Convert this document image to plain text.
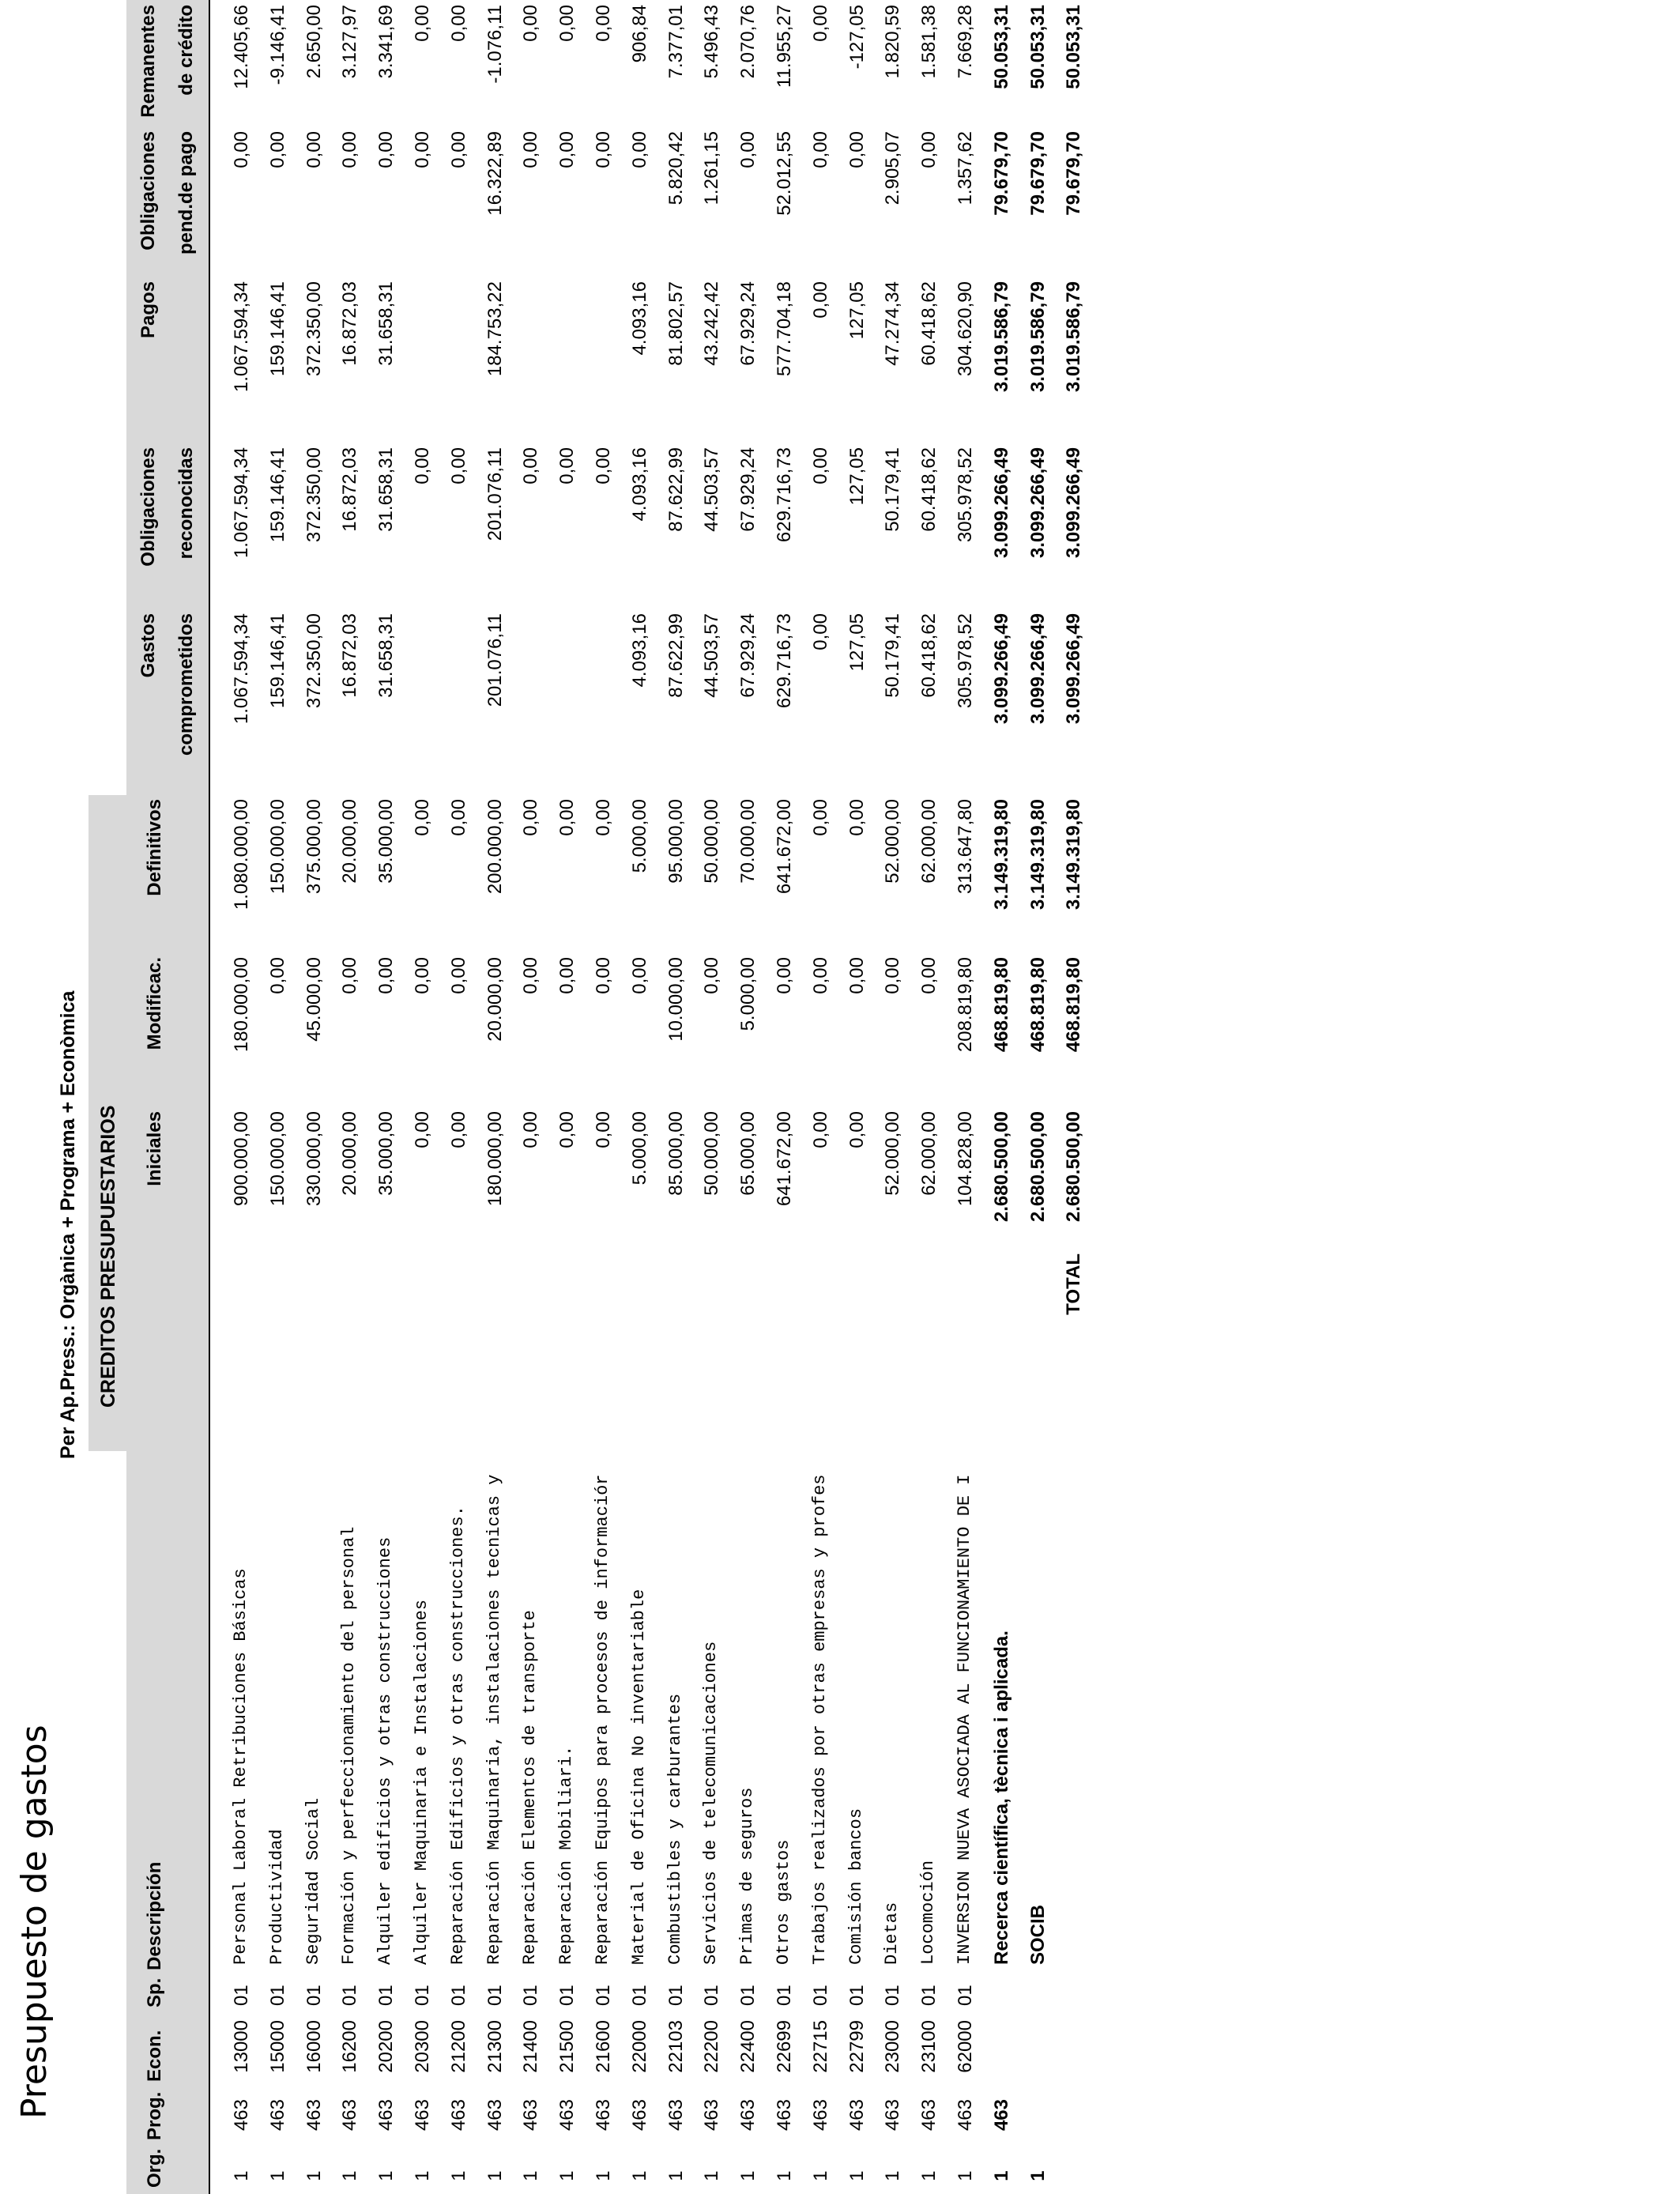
Presupuesto de gastos
Per Ap.Press.: Orgànica + Programa + Econòmica CREDITOS PRESUPUESTARIOS
Org.
Prog.
Econ.
Sp.
Descripción
Iniciales
Modificac.
Definitivos
Gastos comprometidos
Obligaciones reconocidas
Pagos
Obligaciones pend.de pago
Remanentes de crédito
1
463
13000
01
Personal Laboral Retribuciones Básicas
900.000,00
180.000,00
1.080.000,00
1.067.594,34
1.067.594,34
1.067.594,34
0,00
12.405,66
1
463
15000
01
Productividad
150.000,00
0,00
150.000,00
159.146,41
159.146,41
159.146,41
0,00
-9.146,41
1
463
16000
01
Seguridad Social
330.000,00
45.000,00
375.000,00
372.350,00
372.350,00
372.350,00
0,00
2.650,00
1
463
16200
01
Formación y perfeccionamiento del personal
20.000,00
0,00
20.000,00
16.872,03
16.872,03
16.872,03
0,00
3.127,97
1
463
20200
01
Alquiler edificios y otras construcciones
35.000,00
0,00
35.000,00
31.658,31
31.658,31
31.658,31
0,00
3.341,69
1
463
20300
01
Alquiler Maquinaria e Instalaciones
0,00
0,00
0,00
0,00
0,00
0,00
1
463
21200
01
Reparación Edificios y otras construcciones.
0,00
0,00
0,00
0,00
0,00
0,00
1
463
21300
01
Reparación Maquinaria, instalaciones tecnicas y
180.000,00
20.000,00
200.000,00
201.076,11
201.076,11
184.753,22
16.322,89
-1.076,11
1
463
21400
01
Reparación Elementos de transporte
0,00
0,00
0,00
0,00
0,00
0,00
1
463
21500
01
Reparación Mobiliari.
0,00
0,00
0,00
0,00
0,00
0,00
1
463
21600
01
Reparación Equipos para procesos de informaciór
0,00
0,00
0,00
0,00
0,00
0,00
1
463
22000
01
Material de Oficina No inventariable
5.000,00
0,00
5.000,00
4.093,16
4.093,16
4.093,16
0,00
906,84
1
463
22103
01
Combustibles y carburantes
85.000,00
10.000,00
95.000,00
87.622,99
87.622,99
81.802,57
5.820,42
7.377,01
1
463
22200
01
Servicios de telecomunicaciones
50.000,00
0,00
50.000,00
44.503,57
44.503,57
43.242,42
1.261,15
5.496,43
1
463
22400
01
Primas de seguros
65.000,00
5.000,00
70.000,00
67.929,24
67.929,24
67.929,24
0,00
2.070,76
1
463
22699
01
Otros gastos
641.672,00
0,00
641.672,00
629.716,73
629.716,73
577.704,18
52.012,55
11.955,27
1
463
22715
01
Trabajos realizados por otras empresas y profes
0,00
0,00
0,00
0,00
0,00
0,00
0,00
0,00
1
463
22799
01
Comisión bancos
0,00
0,00
0,00
127,05
127,05
127,05
0,00
-127,05
1
463
23000
01
Dietas
52.000,00
0,00
52.000,00
50.179,41
50.179,41
47.274,34
2.905,07
1.820,59
1
463
23100
01
Locomoción
62.000,00
0,00
62.000,00
60.418,62
60.418,62
60.418,62
0,00
1.581,38
1
463
62000
01
INVERSION NUEVA ASOCIADA AL FUNCIONAMIENTO DE I
104.828,00
208.819,80
313.647,80
305.978,52
305.978,52
304.620,90
1.357,62
7.669,28
1
463
Recerca científica, tècnica i aplicada.
2.680.500,00
468.819,80
3.149.319,80
3.099.266,49
3.099.266,49
3.019.586,79
79.679,70
50.053,31
1
SOCIB
2.680.500,00
468.819,80
3.149.319,80
3.099.266,49
3.099.266,49
3.019.586,79
79.679,70
50.053,31
2.680.500,00
468.819,80
3.149.319,80
3.099.266,49
3.099.266,49
3.019.586,79
79.679,70
50.053,31
TOTAL
